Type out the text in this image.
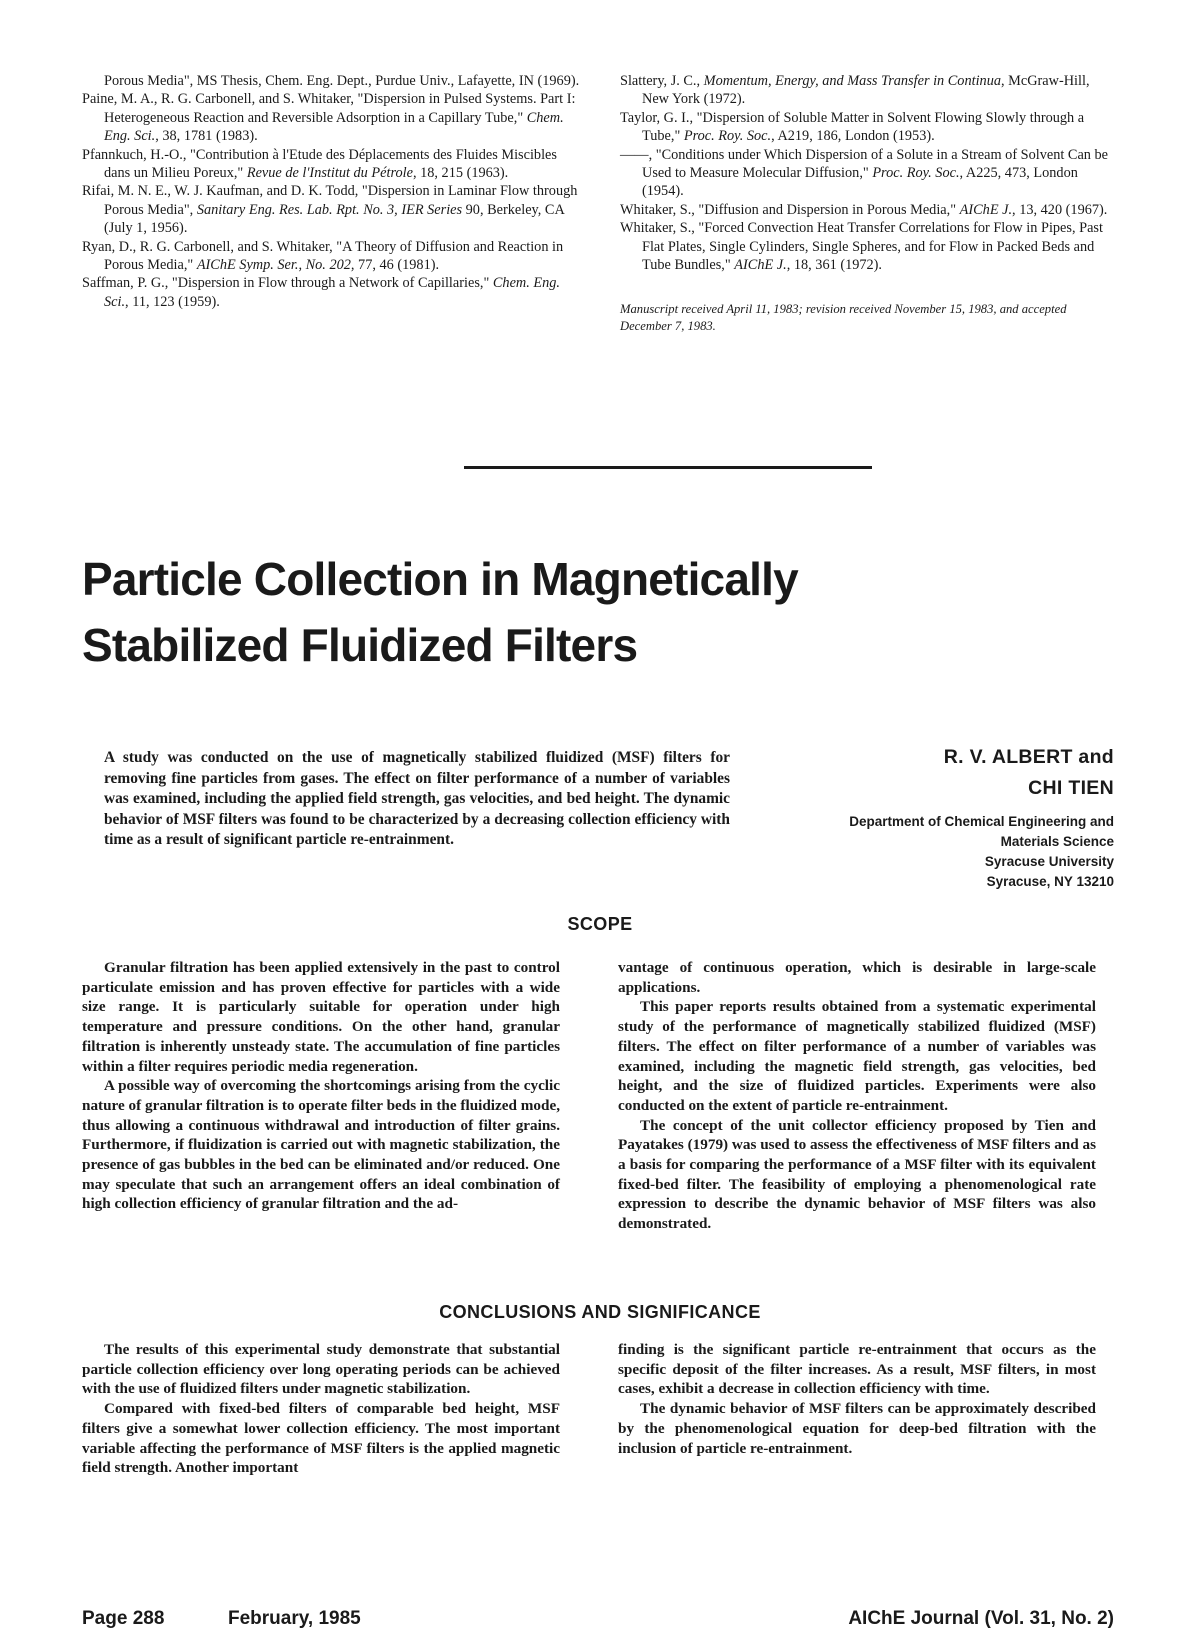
Porous Media", MS Thesis, Chem. Eng. Dept., Purdue Univ., Lafayette, IN (1969).
Paine, M. A., R. G. Carbonell, and S. Whitaker, "Dispersion in Pulsed Systems. Part I: Heterogeneous Reaction and Reversible Adsorption in a Capillary Tube," Chem. Eng. Sci., 38, 1781 (1983).
Pfannkuch, H.-O., "Contribution à l'Etude des Déplacements des Fluides Miscibles dans un Milieu Poreux," Revue de l'Institut du Pétrole, 18, 215 (1963).
Rifai, M. N. E., W. J. Kaufman, and D. K. Todd, "Dispersion in Laminar Flow through Porous Media", Sanitary Eng. Res. Lab. Rpt. No. 3, IER Series 90, Berkeley, CA (July 1, 1956).
Ryan, D., R. G. Carbonell, and S. Whitaker, "A Theory of Diffusion and Reaction in Porous Media," AIChE Symp. Ser., No. 202, 77, 46 (1981).
Saffman, P. G., "Dispersion in Flow through a Network of Capillaries," Chem. Eng. Sci., 11, 123 (1959).
Slattery, J. C., Momentum, Energy, and Mass Transfer in Continua, McGraw-Hill, New York (1972).
Taylor, G. I., "Dispersion of Soluble Matter in Solvent Flowing Slowly through a Tube," Proc. Roy. Soc., A219, 186, London (1953).
——, "Conditions under Which Dispersion of a Solute in a Stream of Solvent Can be Used to Measure Molecular Diffusion," Proc. Roy. Soc., A225, 473, London (1954).
Whitaker, S., "Diffusion and Dispersion in Porous Media," AIChE J., 13, 420 (1967).
Whitaker, S., "Forced Convection Heat Transfer Correlations for Flow in Pipes, Past Flat Plates, Single Cylinders, Single Spheres, and for Flow in Packed Beds and Tube Bundles," AIChE J., 18, 361 (1972).
Manuscript received April 11, 1983; revision received November 15, 1983, and accepted December 7, 1983.
Particle Collection in Magnetically
Stabilized Fluidized Filters

A study was conducted on the use of magnetically stabilized fluidized (MSF) filters for removing fine particles from gases. The effect on filter performance of a number of variables was examined, including the applied field strength, gas velocities, and bed height. The dynamic behavior of MSF filters was found to be characterized by a decreasing collection efficiency with time as a result of significant particle re-entrainment.

R. V. ALBERT and
CHI TIEN
Department of Chemical Engineering and
Materials Science
Syracuse University
Syracuse, NY 13210
SCOPE

Granular filtration has been applied extensively in the past to control particulate emission and has proven effective for particles with a wide size range. It is particularly suitable for operation under high temperature and pressure conditions. On the other hand, granular filtration is inherently unsteady state. The accumulation of fine particles within a filter requires periodic media regeneration.

A possible way of overcoming the shortcomings arising from the cyclic nature of granular filtration is to operate filter beds in the fluidized mode, thus allowing a continuous withdrawal and introduction of filter grains. Furthermore, if fluidization is carried out with magnetic stabilization, the presence of gas bubbles in the bed can be eliminated and/or reduced. One may speculate that such an arrangement offers an ideal combination of high collection efficiency of granular filtration and the ad-

vantage of continuous operation, which is desirable in large-scale applications.

This paper reports results obtained from a systematic experimental study of the performance of magnetically stabilized fluidized (MSF) filters. The effect on filter performance of a number of variables was examined, including the magnetic field strength, gas velocities, bed height, and the size of fluidized particles. Experiments were also conducted on the extent of particle re-entrainment.

The concept of the unit collector efficiency proposed by Tien and Payatakes (1979) was used to assess the effectiveness of MSF filters and as a basis for comparing the performance of a MSF filter with its equivalent fixed-bed filter. The feasibility of employing a phenomenological rate expression to describe the dynamic behavior of MSF filters was also demonstrated.

CONCLUSIONS AND SIGNIFICANCE

The results of this experimental study demonstrate that substantial particle collection efficiency over long operating periods can be achieved with the use of fluidized filters under magnetic stabilization.

Compared with fixed-bed filters of comparable bed height, MSF filters give a somewhat lower collection efficiency. The most important variable affecting the performance of MSF filters is the applied magnetic field strength. Another important

finding is the significant particle re-entrainment that occurs as the specific deposit of the filter increases. As a result, MSF filters, in most cases, exhibit a decrease in collection efficiency with time.

The dynamic behavior of MSF filters can be approximately described by the phenomenological equation for deep-bed filtration with the inclusion of particle re-entrainment.

Page 288	February, 1985	AIChE Journal (Vol. 31, No. 2)
